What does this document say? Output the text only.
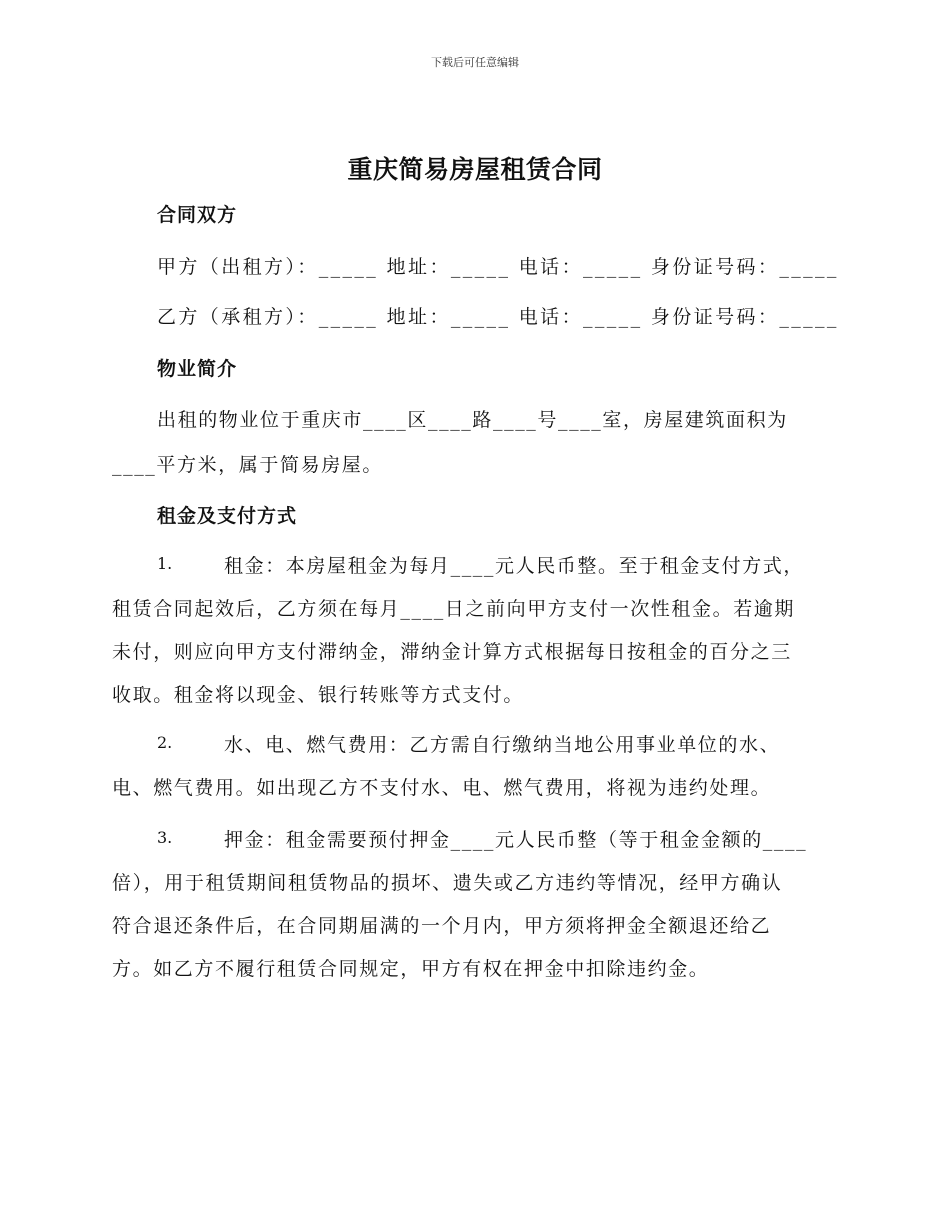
下载后可任意编辑
重庆简易房屋租赁合同
合同双方
甲方（出租方）：_____ 地址：_____ 电话：_____ 身份证号码：_____
乙方（承租方）：_____ 地址：_____ 电话：_____ 身份证号码：_____
物业简介
出租的物业位于重庆市____区____路____号____室，房屋建筑面积为
____平方米，属于简易房屋。
租金及支付方式
1.	租金：本房屋租金为每月____元人民币整。至于租金支付方式，
租赁合同起效后，乙方须在每月____日之前向甲方支付一次性租金。若逾期
未付，则应向甲方支付滞纳金，滞纳金计算方式根据每日按租金的百分之三
收取。租金将以现金、银行转账等方式支付。
2.	水、电、燃气费用：乙方需自行缴纳当地公用事业单位的水、
电、燃气费用。如出现乙方不支付水、电、燃气费用，将视为违约处理。
3.	押金：租金需要预付押金____元人民币整（等于租金金额的____
倍），用于租赁期间租赁物品的损坏、遗失或乙方违约等情况，经甲方确认
符合退还条件后，在合同期届满的一个月内，甲方须将押金全额退还给乙
方。如乙方不履行租赁合同规定，甲方有权在押金中扣除违约金。
